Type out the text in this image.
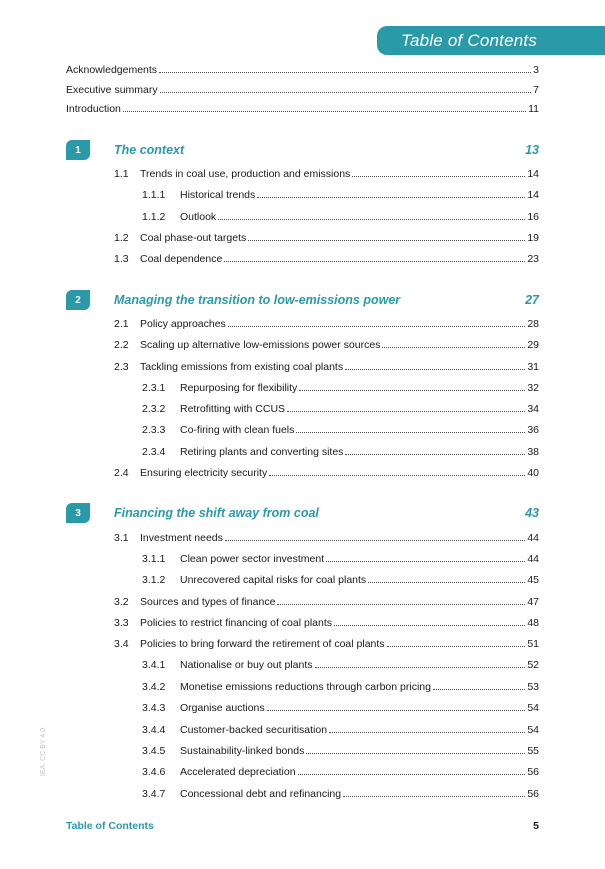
Table of Contents
Acknowledgements	3
Executive summary	7
Introduction	11
1	The context	13
1.1	Trends in coal use, production and emissions	14
1.1.1	Historical trends	14
1.1.2	Outlook	16
1.2	Coal phase-out targets	19
1.3	Coal dependence	23
2	Managing the transition to low-emissions power	27
2.1	Policy approaches	28
2.2	Scaling up alternative low-emissions power sources	29
2.3	Tackling emissions from existing coal plants	31
2.3.1	Repurposing for flexibility	32
2.3.2	Retrofitting with CCUS	34
2.3.3	Co-firing with clean fuels	36
2.3.4	Retiring plants and converting sites	38
2.4	Ensuring electricity security	40
3	Financing the shift away from coal	43
3.1	Investment needs	44
3.1.1	Clean power sector investment	44
3.1.2	Unrecovered capital risks for coal plants	45
3.2	Sources and types of finance	47
3.3	Policies to restrict financing of coal plants	48
3.4	Policies to bring forward the retirement of coal plants	51
3.4.1	Nationalise or buy out plants	52
3.4.2	Monetise emissions reductions through carbon pricing	53
3.4.3	Organise auctions	54
3.4.4	Customer-backed securitisation	54
3.4.5	Sustainability-linked bonds	55
3.4.6	Accelerated depreciation	56
3.4.7	Concessional debt and refinancing	56
IEA. CC BY 4.0.
Table of Contents	5
